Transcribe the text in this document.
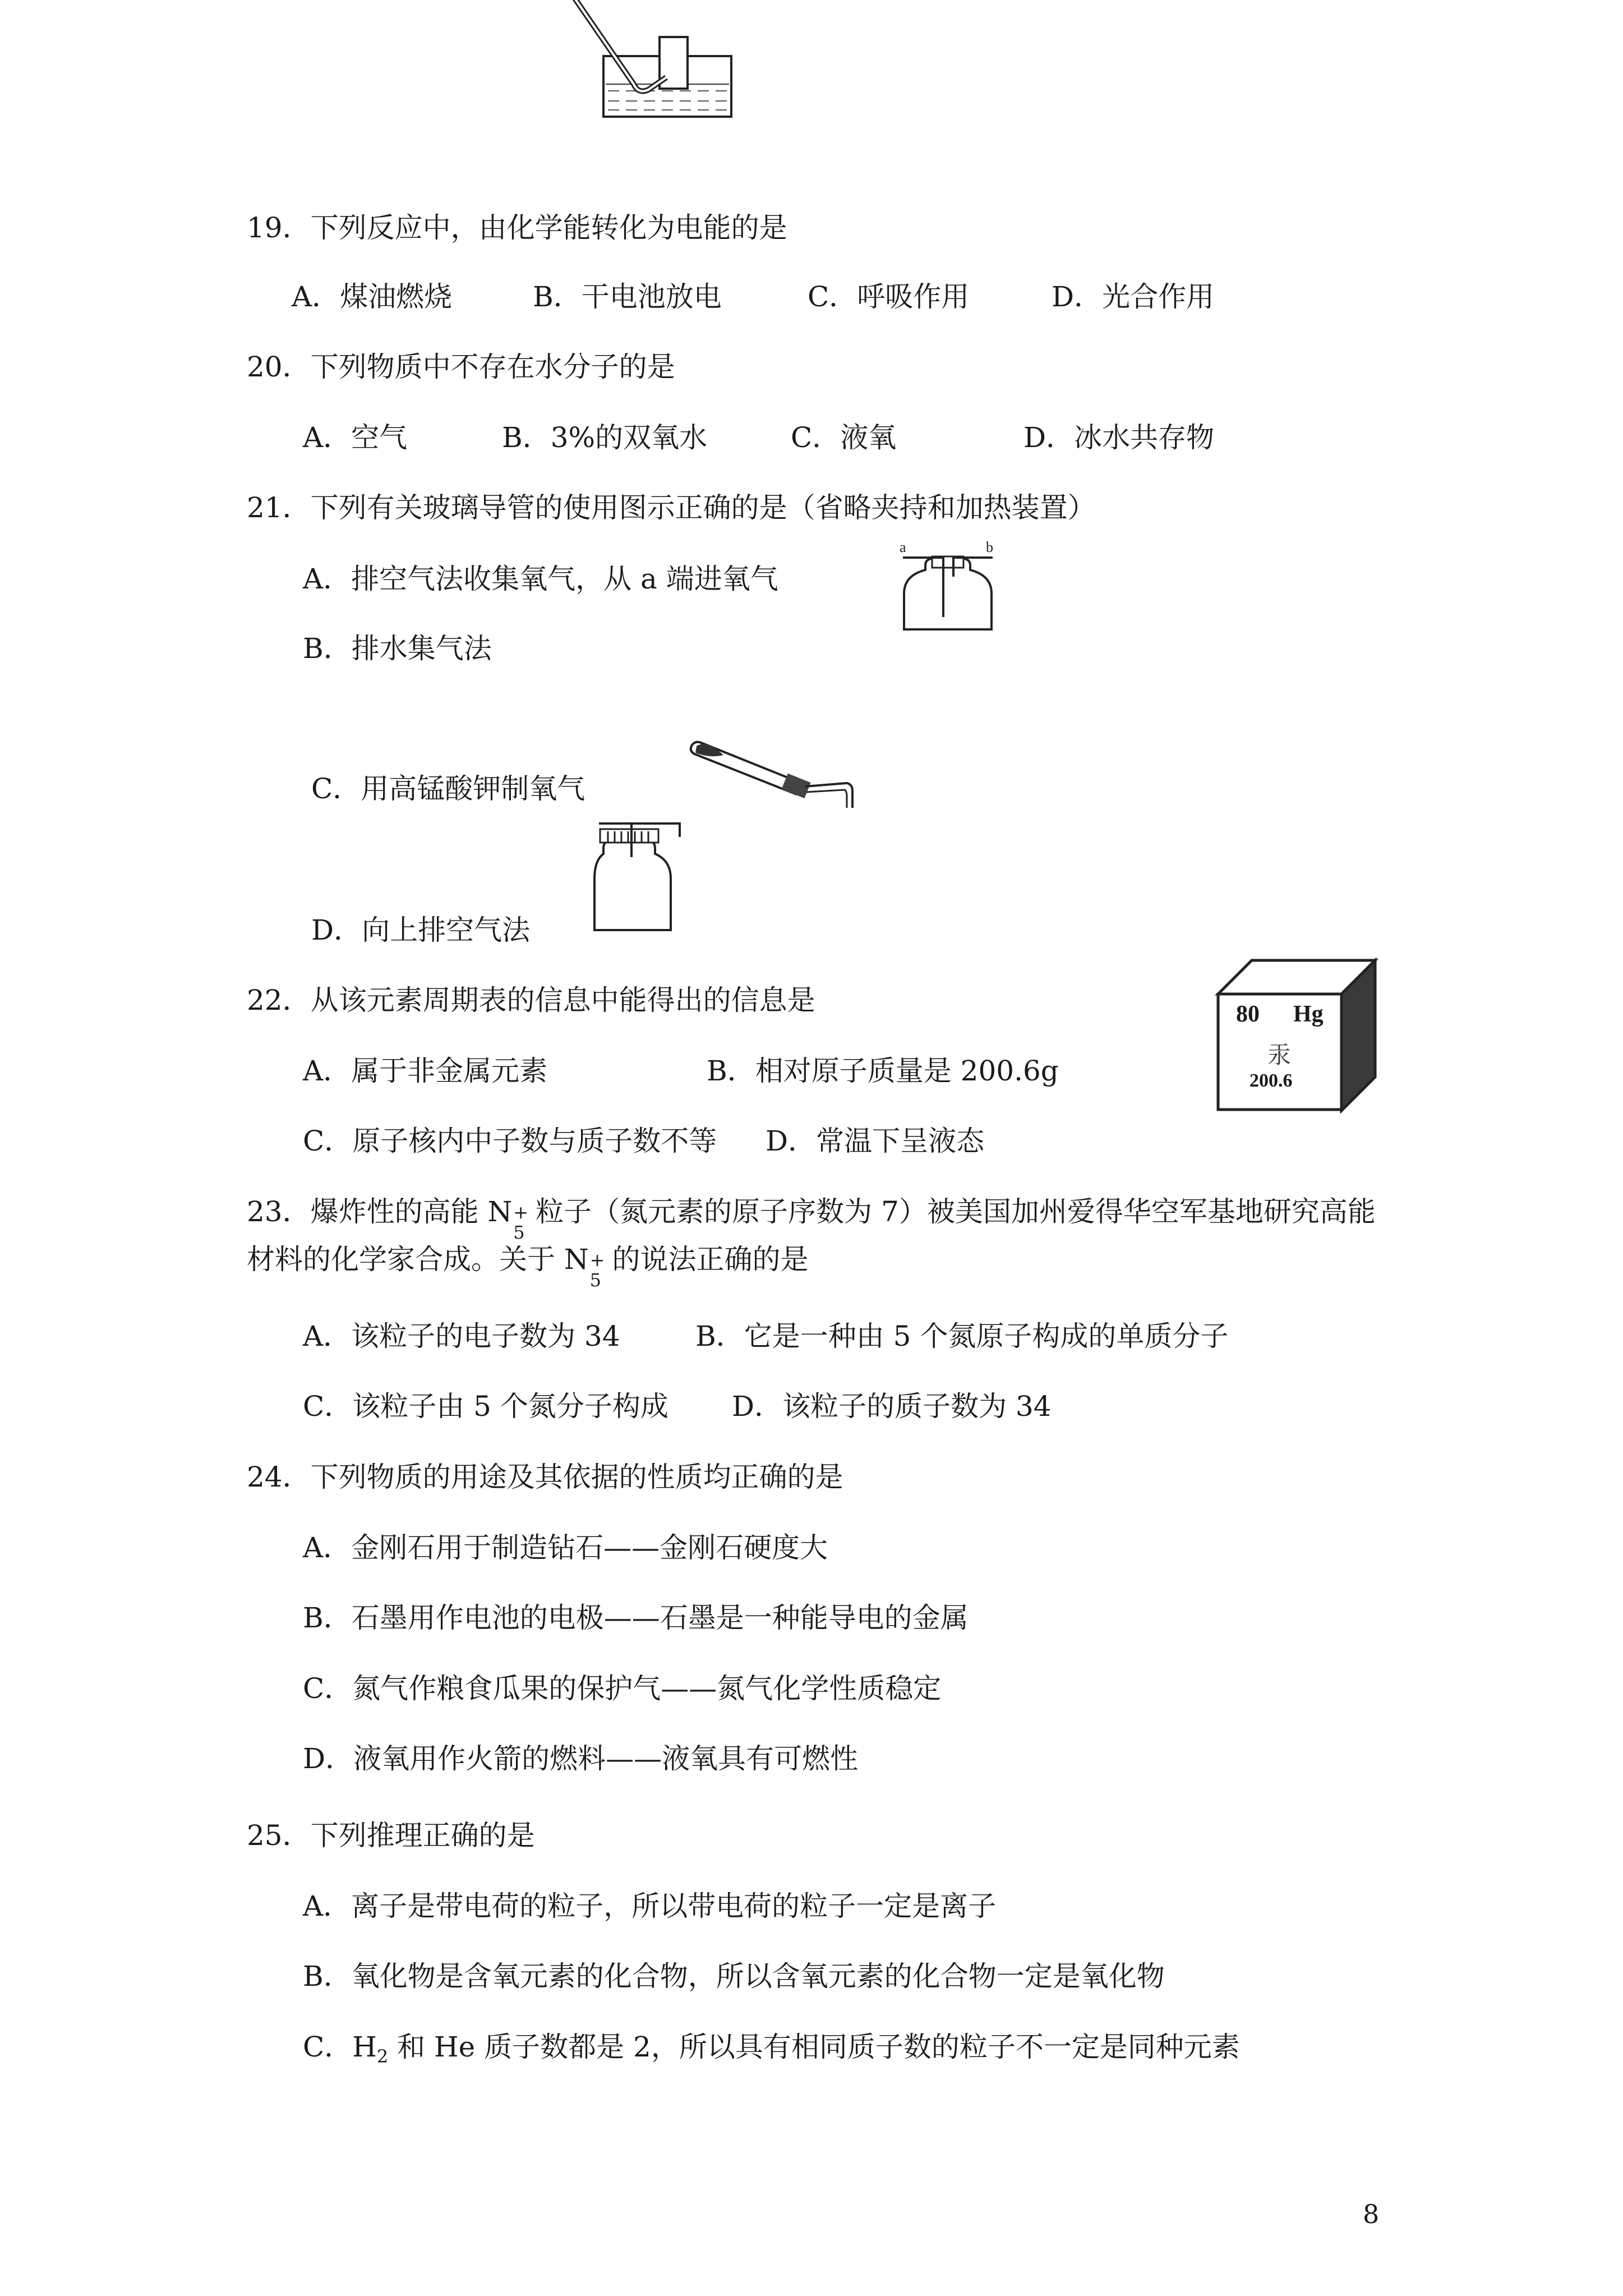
19．下列反应中，由化学能转化为电能的是
A．煤油燃烧	B．干电池放电	C．呼吸作用	D．光合作用
20．下列物质中不存在水分子的是
A．空气	B．3%的双氧水	C．液氧	D．冰水共存物
21．下列有关玻璃导管的使用图示正确的是（省略夹持和加热装置）
A．排空气法收集氧气，从 a 端进氧气
a	b
B．排水集气法
C．用高锰酸钾制氧气
D．向上排空气法
22．从该元素周期表的信息中能得出的信息是	80 Hg
汞
200.6
A．属于非金属元素	B．相对原子质量是 200.6g
C．原子核内中子数与质子数不等 D．常温下呈液态
23．爆炸性的高能 N +
5
粒子（氮元素的原子序数为 7）被美国加州爱得华空军基地研究高能
材料的化学家合成。关于 N +
5
的说法正确的是
A．该粒子的电子数为 34	B．它是一种由 5 个氮原子构成的单质分子
C．该粒子由 5 个氮分子构成 D．该粒子的质子数为 34
24．下列物质的用途及其依据的性质均正确的是
A．金刚石用于制造钻石——金刚石硬度大
B．石墨用作电池的电极——石墨是一种能导电的金属
C．氮气作粮食瓜果的保护气——氮气化学性质稳定
D．液氧用作火箭的燃料——液氧具有可燃性
25．下列推理正确的是
A．离子是带电荷的粒子，所以带电荷的粒子一定是离子
B．氧化物是含氧元素的化合物，所以含氧元素的化合物一定是氧化物
C．$H_2$ 和 He 质子数都是 2，所以具有相同质子数的粒子不一定是同种元素
8
